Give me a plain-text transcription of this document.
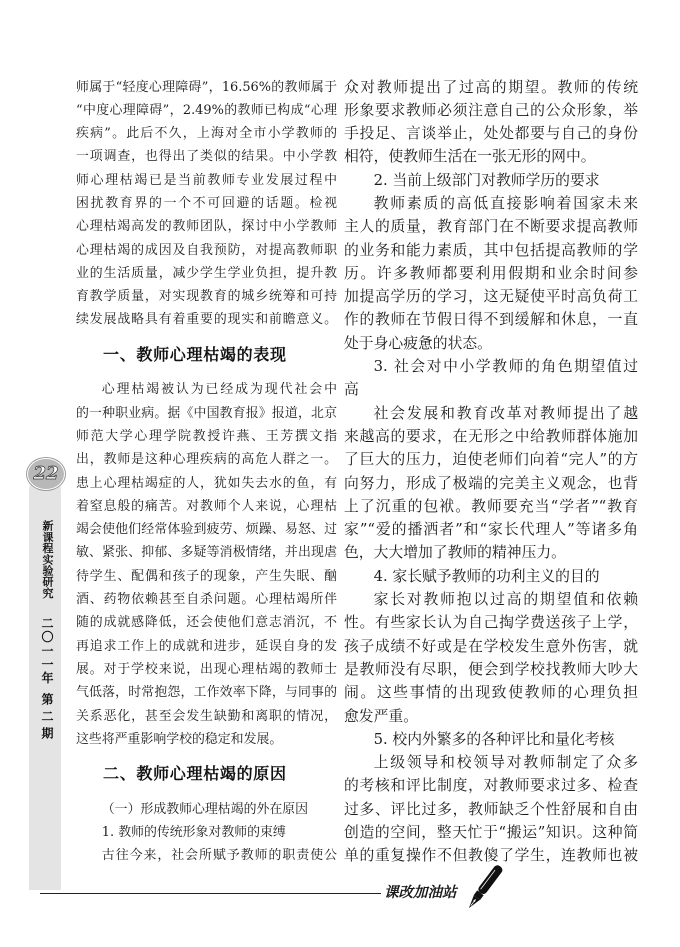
22
新课程实验研究
二〇一一年
第二期
师属于“轻度心理障碍”，16.56%的教师属于
“中度心理障碍”，2.49%的教师已构成“心理
疾病”。此后不久，上海对全市小学教师的
一项调查，也得出了类似的结果。中小学教
师心理枯竭已是当前教师专业发展过程中
困扰教育界的一个不可回避的话题。检视
心理枯竭高发的教师团队，探讨中小学教师
心理枯竭的成因及自我预防，对提高教师职
业的生活质量，减少学生学业负担，提升教
育教学质量，对实现教育的城乡统筹和可持
续发展战略具有着重要的现实和前瞻意义。
一、教师心理枯竭的表现
心理枯竭被认为已经成为现代社会中
的一种职业病。据《中国教育报》报道，北京
师范大学心理学院教授许燕、王芳撰文指
出，教师是这种心理疾病的高危人群之一。
患上心理枯竭症的人，犹如失去水的鱼，有
着窒息般的痛苦。对教师个人来说，心理枯
竭会使他们经常体验到疲劳、烦躁、易怒、过
敏、紧张、抑郁、多疑等消极情绪，并出现虐
待学生、配偶和孩子的现象，产生失眠、酗
酒、药物依赖甚至自杀问题。心理枯竭所伴
随的成就感降低，还会使他们意志消沉，不
再追求工作上的成就和进步，延误自身的发
展。对于学校来说，出现心理枯竭的教师士
气低落，时常抱怨，工作效率下降，与同事的
关系恶化，甚至会发生缺勤和离职的情况，
这些将严重影响学校的稳定和发展。
二、教师心理枯竭的原因
（一）形成教师心理枯竭的外在原因
1. 教师的传统形象对教师的束缚
古往今来，社会所赋予教师的职责使公
众对教师提出了过高的期望。教师的传统
形象要求教师必须注意自己的公众形象，举
手投足、言谈举止，处处都要与自己的身份
相符，使教师生活在一张无形的网中。
2. 当前上级部门对教师学历的要求
教师素质的高低直接影响着国家未来
主人的质量，教育部门在不断要求提高教师
的业务和能力素质，其中包括提高教师的学
历。许多教师都要利用假期和业余时间参
加提高学历的学习，这无疑使平时高负荷工
作的教师在节假日得不到缓解和休息，一直
处于身心疲惫的状态。
3. 社会对中小学教师的角色期望值过
高
社会发展和教育改革对教师提出了越
来越高的要求，在无形之中给教师群体施加
了巨大的压力，迫使老师们向着“完人”的方
向努力，形成了极端的完美主义观念，也背
上了沉重的包袱。教师要充当“学者”“教育
家”“爱的播洒者”和“家长代理人”等诸多角
色，大大增加了教师的精神压力。
4. 家长赋予教师的功利主义的目的
家长对教师抱以过高的期望值和依赖
性。有些家长认为自己掏学费送孩子上学，
孩子成绩不好或是在学校发生意外伤害，就
是教师没有尽职，便会到学校找教师大吵大
闹。这些事情的出现致使教师的心理负担
愈发严重。
5. 校内外繁多的各种评比和量化考核
上级领导和校领导对教师制定了众多
的考核和评比制度，对教师要求过多、检查
过多、评比过多，教师缺乏个性舒展和自由
创造的空间，整天忙于“搬运”知识。这种简
单的重复操作不但教傻了学生，连教师也被
课改加油站
